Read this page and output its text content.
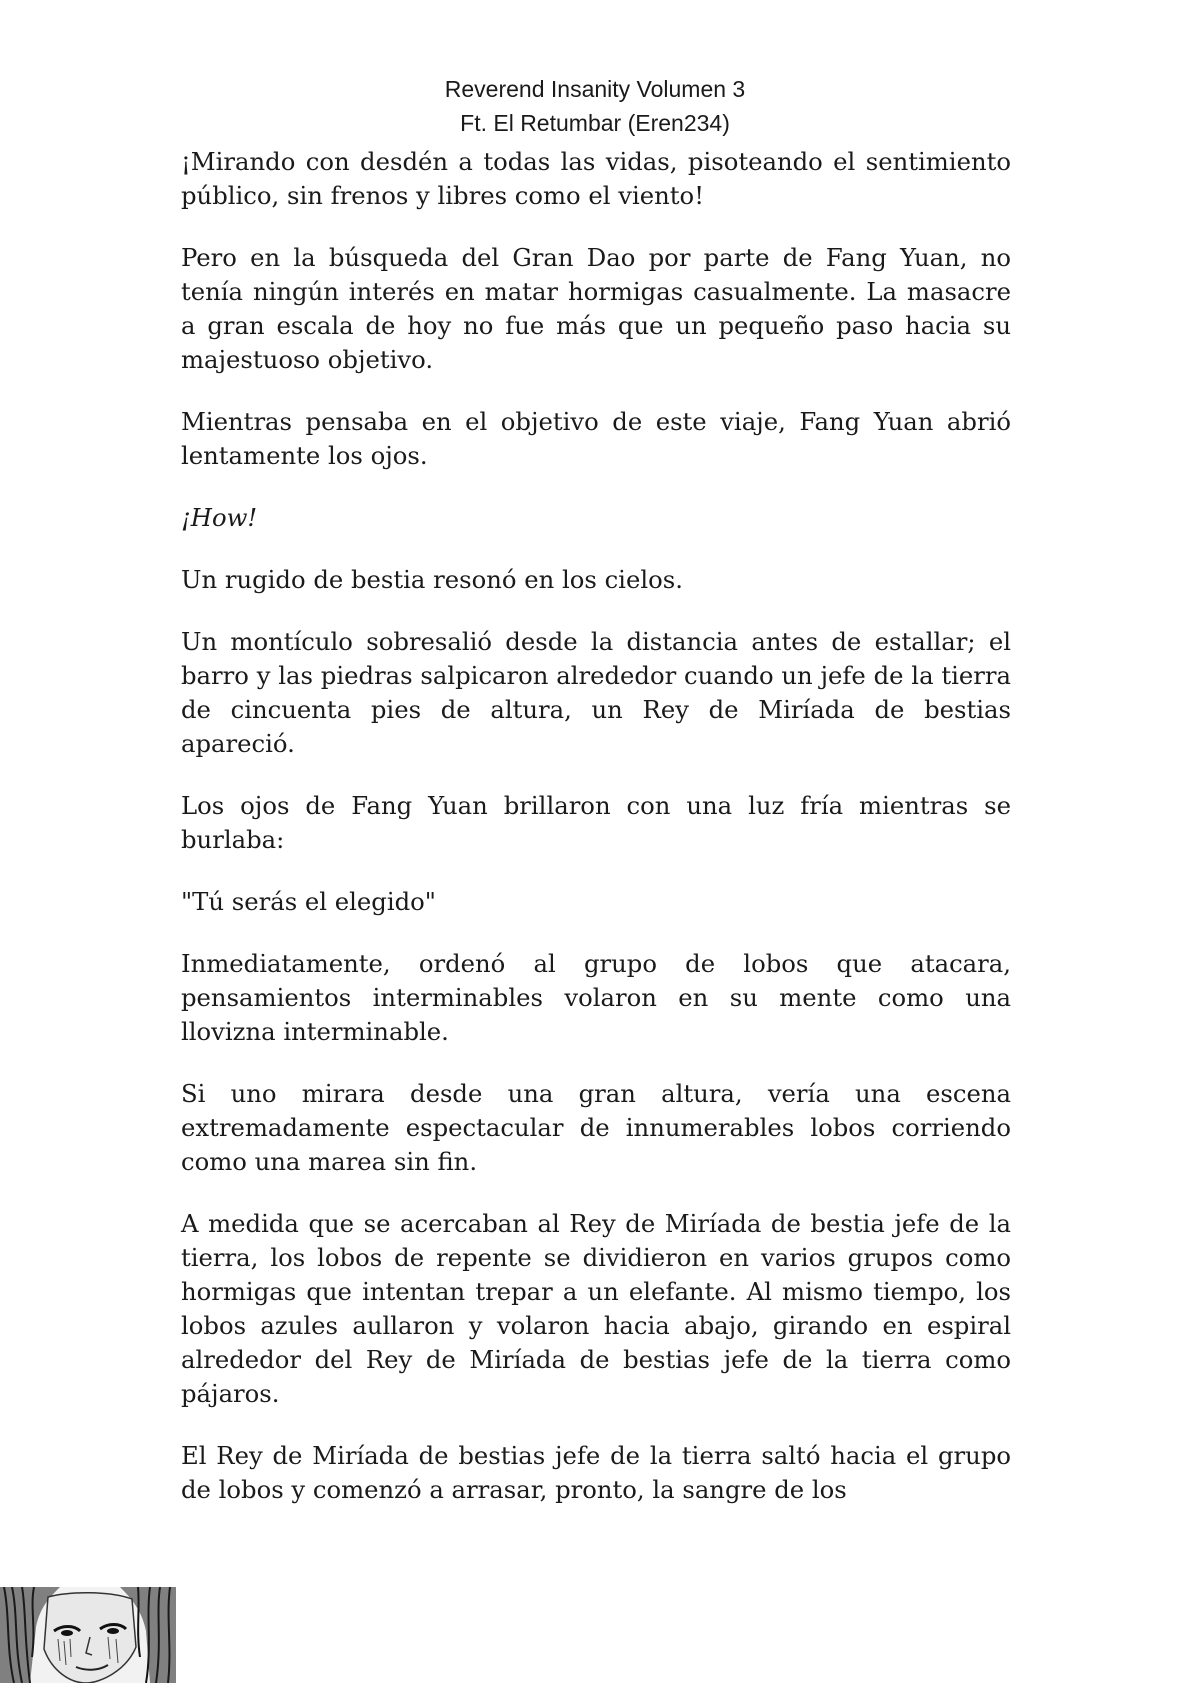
Reverend Insanity Volumen 3
Ft. El Retumbar (Eren234)

¡Mirando con desdén a todas las vidas, pisoteando el sentimiento público, sin frenos y libres como el viento!

Pero en la búsqueda del Gran Dao por parte de Fang Yuan, no tenía ningún interés en matar hormigas casualmente. La masacre a gran escala de hoy no fue más que un pequeño paso hacia su majestuoso objetivo.

Mientras pensaba en el objetivo de este viaje, Fang Yuan abrió lentamente los ojos.

¡How!

Un rugido de bestia resonó en los cielos.

Un montículo sobresalió desde la distancia antes de estallar; el barro y las piedras salpicaron alrededor cuando un jefe de la tierra de cincuenta pies de altura, un Rey de Miríada de bestias apareció.

Los ojos de Fang Yuan brillaron con una luz fría mientras se burlaba:

"Tú serás el elegido"

Inmediatamente, ordenó al grupo de lobos que atacara, pensamientos interminables volaron en su mente como una llovizna interminable.

Si uno mirara desde una gran altura, vería una escena extremadamente espectacular de innumerables lobos corriendo como una marea sin fin.

A medida que se acercaban al Rey de Miríada de bestia jefe de la tierra, los lobos de repente se dividieron en varios grupos como hormigas que intentan trepar a un elefante. Al mismo tiempo, los lobos azules aullaron y volaron hacia abajo, girando en espiral alrededor del Rey de Miríada de bestias jefe de la tierra como pájaros.

El Rey de Miríada de bestias jefe de la tierra saltó hacia el grupo de lobos y comenzó a arrasar, pronto, la sangre de los
